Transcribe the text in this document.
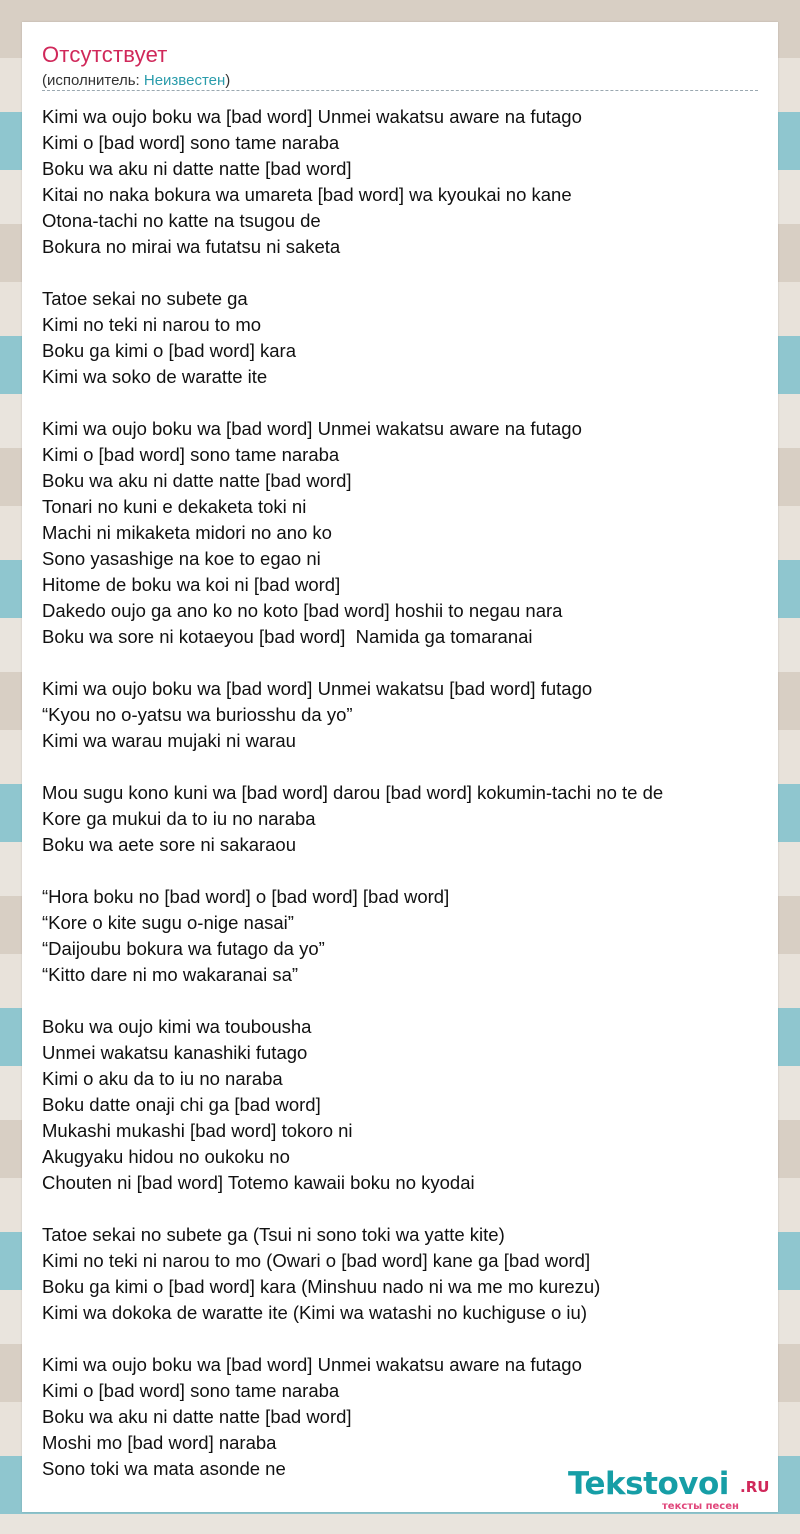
Отсутствует
(исполнитель: Неизвестен)
Kimi wa oujo boku wa [bad word] Unmei wakatsu aware na futago
Kimi o [bad word] sono tame naraba
Boku wa aku ni datte natte [bad word]
Kitai no naka bokura wa umareta [bad word] wa kyoukai no kane
Otona-tachi no katte na tsugou de
Bokura no mirai wa futatsu ni saketa
Tatoe sekai no subete ga
Kimi no teki ni narou to mo
Boku ga kimi o [bad word] kara
Kimi wa soko de waratte ite
Kimi wa oujo boku wa [bad word] Unmei wakatsu aware na futago
Kimi o [bad word] sono tame naraba
Boku wa aku ni datte natte [bad word]
Tonari no kuni e dekaketa toki ni
Machi ni mikaketa midori no ano ko
Sono yasashige na koe to egao ni
Hitome de boku wa koi ni [bad word]
Dakedo oujo ga ano ko no koto [bad word] hoshii to negau nara
Boku wa sore ni kotaeyou [bad word]  Namida ga tomaranai
Kimi wa oujo boku wa [bad word] Unmei wakatsu [bad word] futago
“Kyou no o-yatsu wa buriosshu da yo”
Kimi wa warau mujaki ni warau
Mou sugu kono kuni wa [bad word] darou [bad word] kokumin-tachi no te de
Kore ga mukui da to iu no naraba
Boku wa aete sore ni sakaraou
“Hora boku no [bad word] o [bad word] [bad word]
“Kore o kite sugu o-nige nasai”
“Daijoubu bokura wa futago da yo”
“Kitto dare ni mo wakaranai sa”
Boku wa oujo kimi wa toubousha
Unmei wakatsu kanashiki futago
Kimi o aku da to iu no naraba
Boku datte onaji chi ga [bad word]
Mukashi mukashi [bad word] tokoro ni
Akugyaku hidou no oukoku no
Chouten ni [bad word] Totemo kawaii boku no kyodai
Tatoe sekai no subete ga (Tsui ni sono toki wa yatte kite)
Kimi no teki ni narou to mo (Owari o [bad word] kane ga [bad word]
Boku ga kimi o [bad word] kara (Minshuu nado ni wa me mo kurezu)
Kimi wa dokoka de waratte ite (Kimi wa watashi no kuchiguse o iu)
Kimi wa oujo boku wa [bad word] Unmei wakatsu aware na futago
Kimi o [bad word] sono tame naraba
Boku wa aku ni datte natte [bad word]
Moshi mo [bad word] naraba
Sono toki wa mata asonde ne	Tekstovoi .RU
тексты песен
